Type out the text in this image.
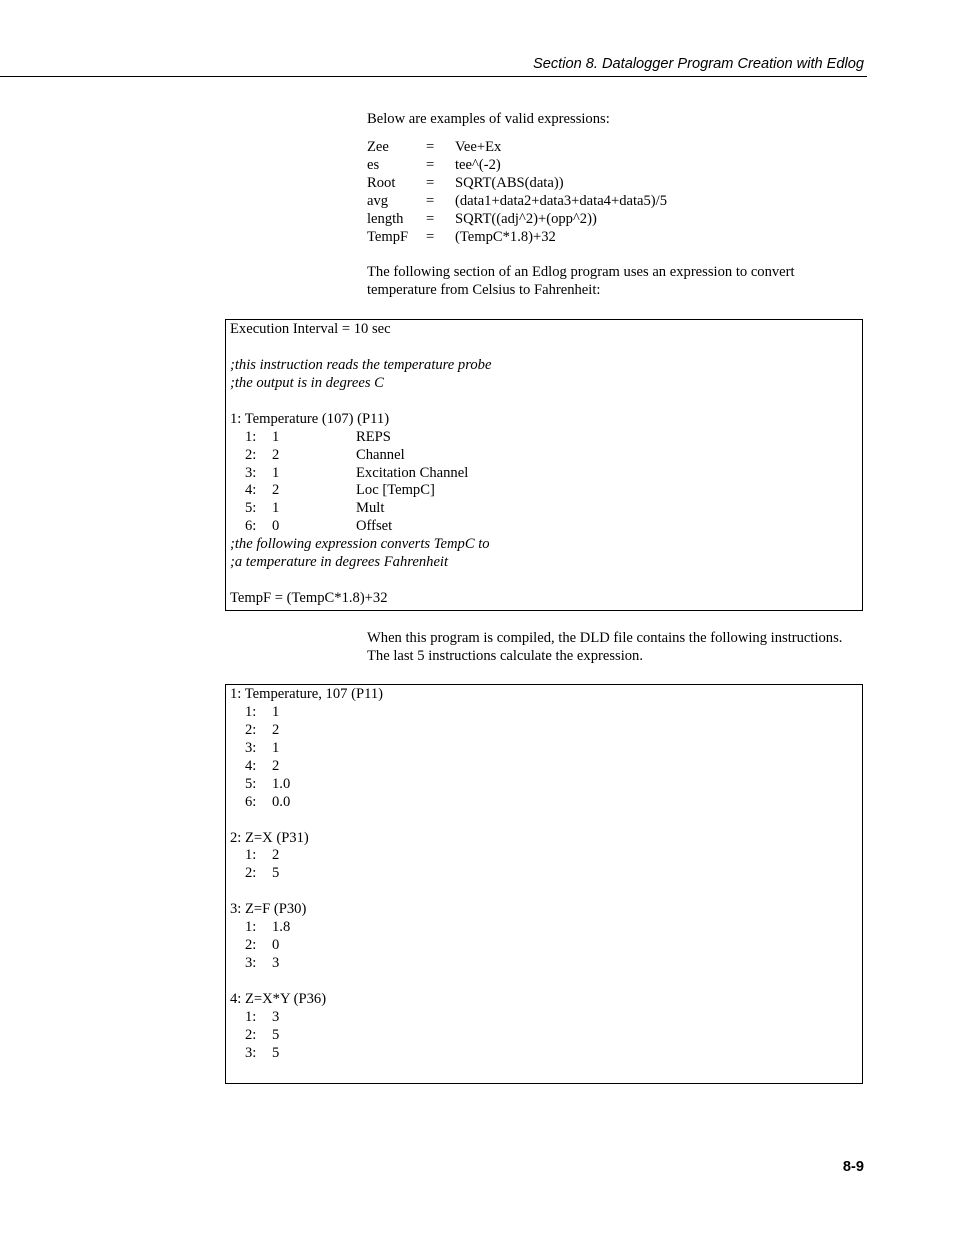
Section 8. Datalogger Program Creation with Edlog

Below are examples of valid expressions:

Zee	=	Vee+Ex
es	=	tee^(-2)
Root	=	SQRT(ABS(data))
avg	=	(data1+data2+data3+data4+data5)/5
length	=	SQRT((adj^2)+(opp^2))
TempF	=	(TempC*1.8)+32

The following section of an Edlog program uses an expression to convert temperature from Celsius to Fahrenheit:

Execution Interval = 10 sec
;this instruction reads the temperature probe
;the output is in degrees C
1: Temperature (107) (P11)
1: 1	REPS
2: 2	Channel
3: 1	Excitation Channel
4: 2	Loc [TempC]
5: 1	Mult
6: 0	Offset
;the following expression converts TempC to
;a temperature in degrees Fahrenheit
TempF = (TempC*1.8)+32

When this program is compiled, the DLD file contains the following instructions. The last 5 instructions calculate the expression.

1: Temperature, 107 (P11)
1: 1
2: 2
3: 1
4: 2
5: 1.0
6: 0.0
2: Z=X (P31)
1: 2
2: 5
3: Z=F (P30)
1: 1.8
2: 0
3: 3
4: Z=X*Y (P36)
1: 3
2: 5
3: 5
8-9
